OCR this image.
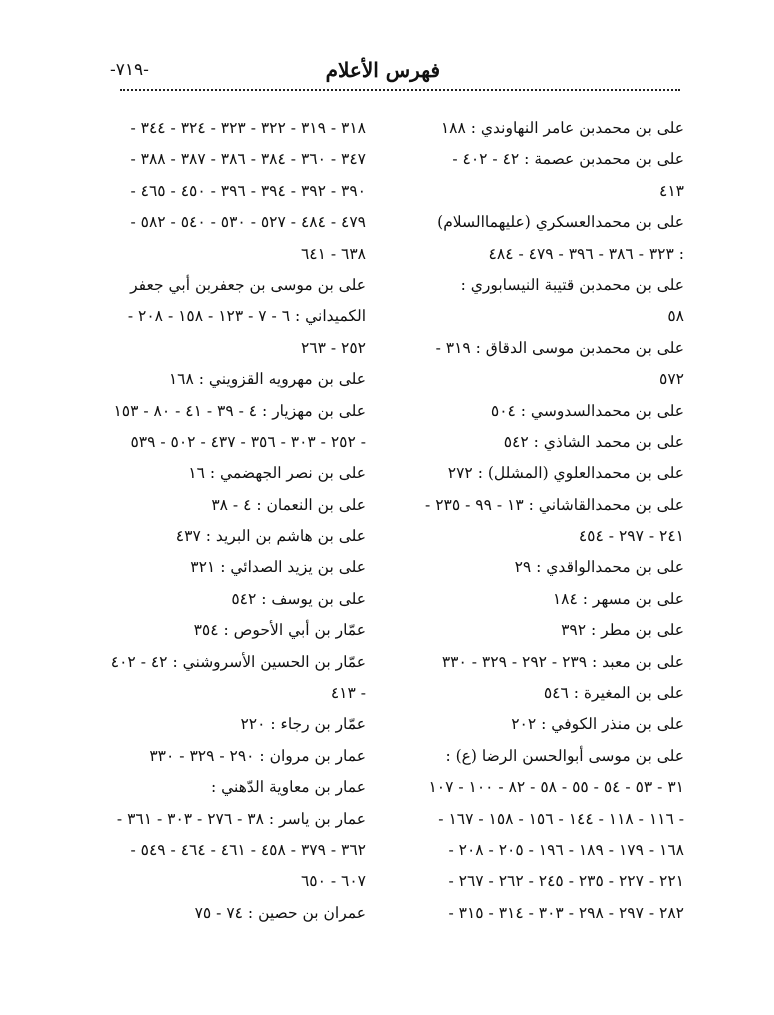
فهرس الأعلام
-٧١٩-
على بن محمدبن عامر النهاوندي : ١٨٨
على بن محمدبن عصمة : ٤٢ - ٤٠٢ -
٤١٣
على بن محمدالعسكري (عليهماالسلام)
: ٣٢٣ - ٣٨٦ - ٣٩٦ - ٤٧٩ - ٤٨٤
على بن محمدبن قتيبة النيسابوري :
٥٨
على بن محمدبن موسى الدقاق : ٣١٩ -
٥٧٢
على بن محمدالسدوسي : ٥٠٤
على بن محمد الشاذي : ٥٤٢
على بن محمدالعلوي (المشلل) : ٢٧٢
على بن محمدالقاشاني : ١٣ - ٩٩ - ٢٣٥ -
٢٤١ - ٢٩٧ - ٤٥٤
على بن محمدالواقدي : ٢٩
على بن مسهر : ١٨٤
على بن مطر : ٣٩٢
على بن معبد : ٢٣٩ - ٢٩٢ - ٣٢٩ - ٣٣٠
على بن المغيرة : ٥٤٦
على بن منذر الكوفي : ٢٠٢
على بن موسى أبوالحسن الرضا (ع) :
٣١ - ٥٣ - ٥٤ - ٥٥ - ٥٨ - ٨٢ - ١٠٠ - ١٠٧
- ١١٦ - ١١٨ - ١٤٤ - ١٥٦ - ١٥٨ - ١٦٧ -
١٦٨ - ١٧٩ - ١٨٩ - ١٩٦ - ٢٠٥ - ٢٠٨ -
٢٢١ - ٢٢٧ - ٢٣٥ - ٢٤٥ - ٢٦٢ - ٢٦٧ -
٢٨٢ - ٢٩٧ - ٢٩٨ - ٣٠٣ - ٣١٤ - ٣١٥ -
٣١٨ - ٣١٩ - ٣٢٢ - ٣٢٣ - ٣٢٤ - ٣٤٤ -
٣٤٧ - ٣٦٠ - ٣٨٤ - ٣٨٦ - ٣٨٧ - ٣٨٨ -
٣٩٠ - ٣٩٢ - ٣٩٤ - ٣٩٦ - ٤٥٠ - ٤٦٥ -
٤٧٩ - ٤٨٤ - ٥٢٧ - ٥٣٠ - ٥٤٠ - ٥٨٢ -
٦٣٨ - ٦٤١
على بن موسى بن جعفربن أبي جعفر
الكميداني : ٦ - ٧ - ١٢٣ - ١٥٨ - ٢٠٨ -
٢٥٢ - ٢٦٣
على بن مهرويه القزويني : ١٦٨
على بن مهزيار : ٤ - ٣٩ - ٤١ - ٨٠ - ١٥٣
- ٢٥٢ - ٣٠٣ - ٣٥٦ - ٤٣٧ - ٥٠٢ - ٥٣٩
على بن نصر الجهضمي : ١٦
على بن النعمان : ٤ - ٣٨
على بن هاشم بن البريد : ٤٣٧
على بن يزيد الصدائي : ٣٢١
على بن يوسف : ٥٤٢
عمّار بن أبي الأحوص : ٣٥٤
عمّار بن الحسين الأسروشني : ٤٢ - ٤٠٢
- ٤١٣
عمّار بن رجاء : ٢٢٠
عمار بن مروان : ٢٩٠ - ٣٢٩ - ٣٣٠
عمار بن معاوية الدّهني :
عمار بن ياسر : ٣٨ - ٢٧٦ - ٣٠٣ - ٣٦١ -
٣٦٢ - ٣٧٩ - ٤٥٨ - ٤٦١ - ٤٦٤ - ٥٤٩ -
٦٠٧ - ٦٥٠
عمران بن حصين : ٧٤ - ٧٥
